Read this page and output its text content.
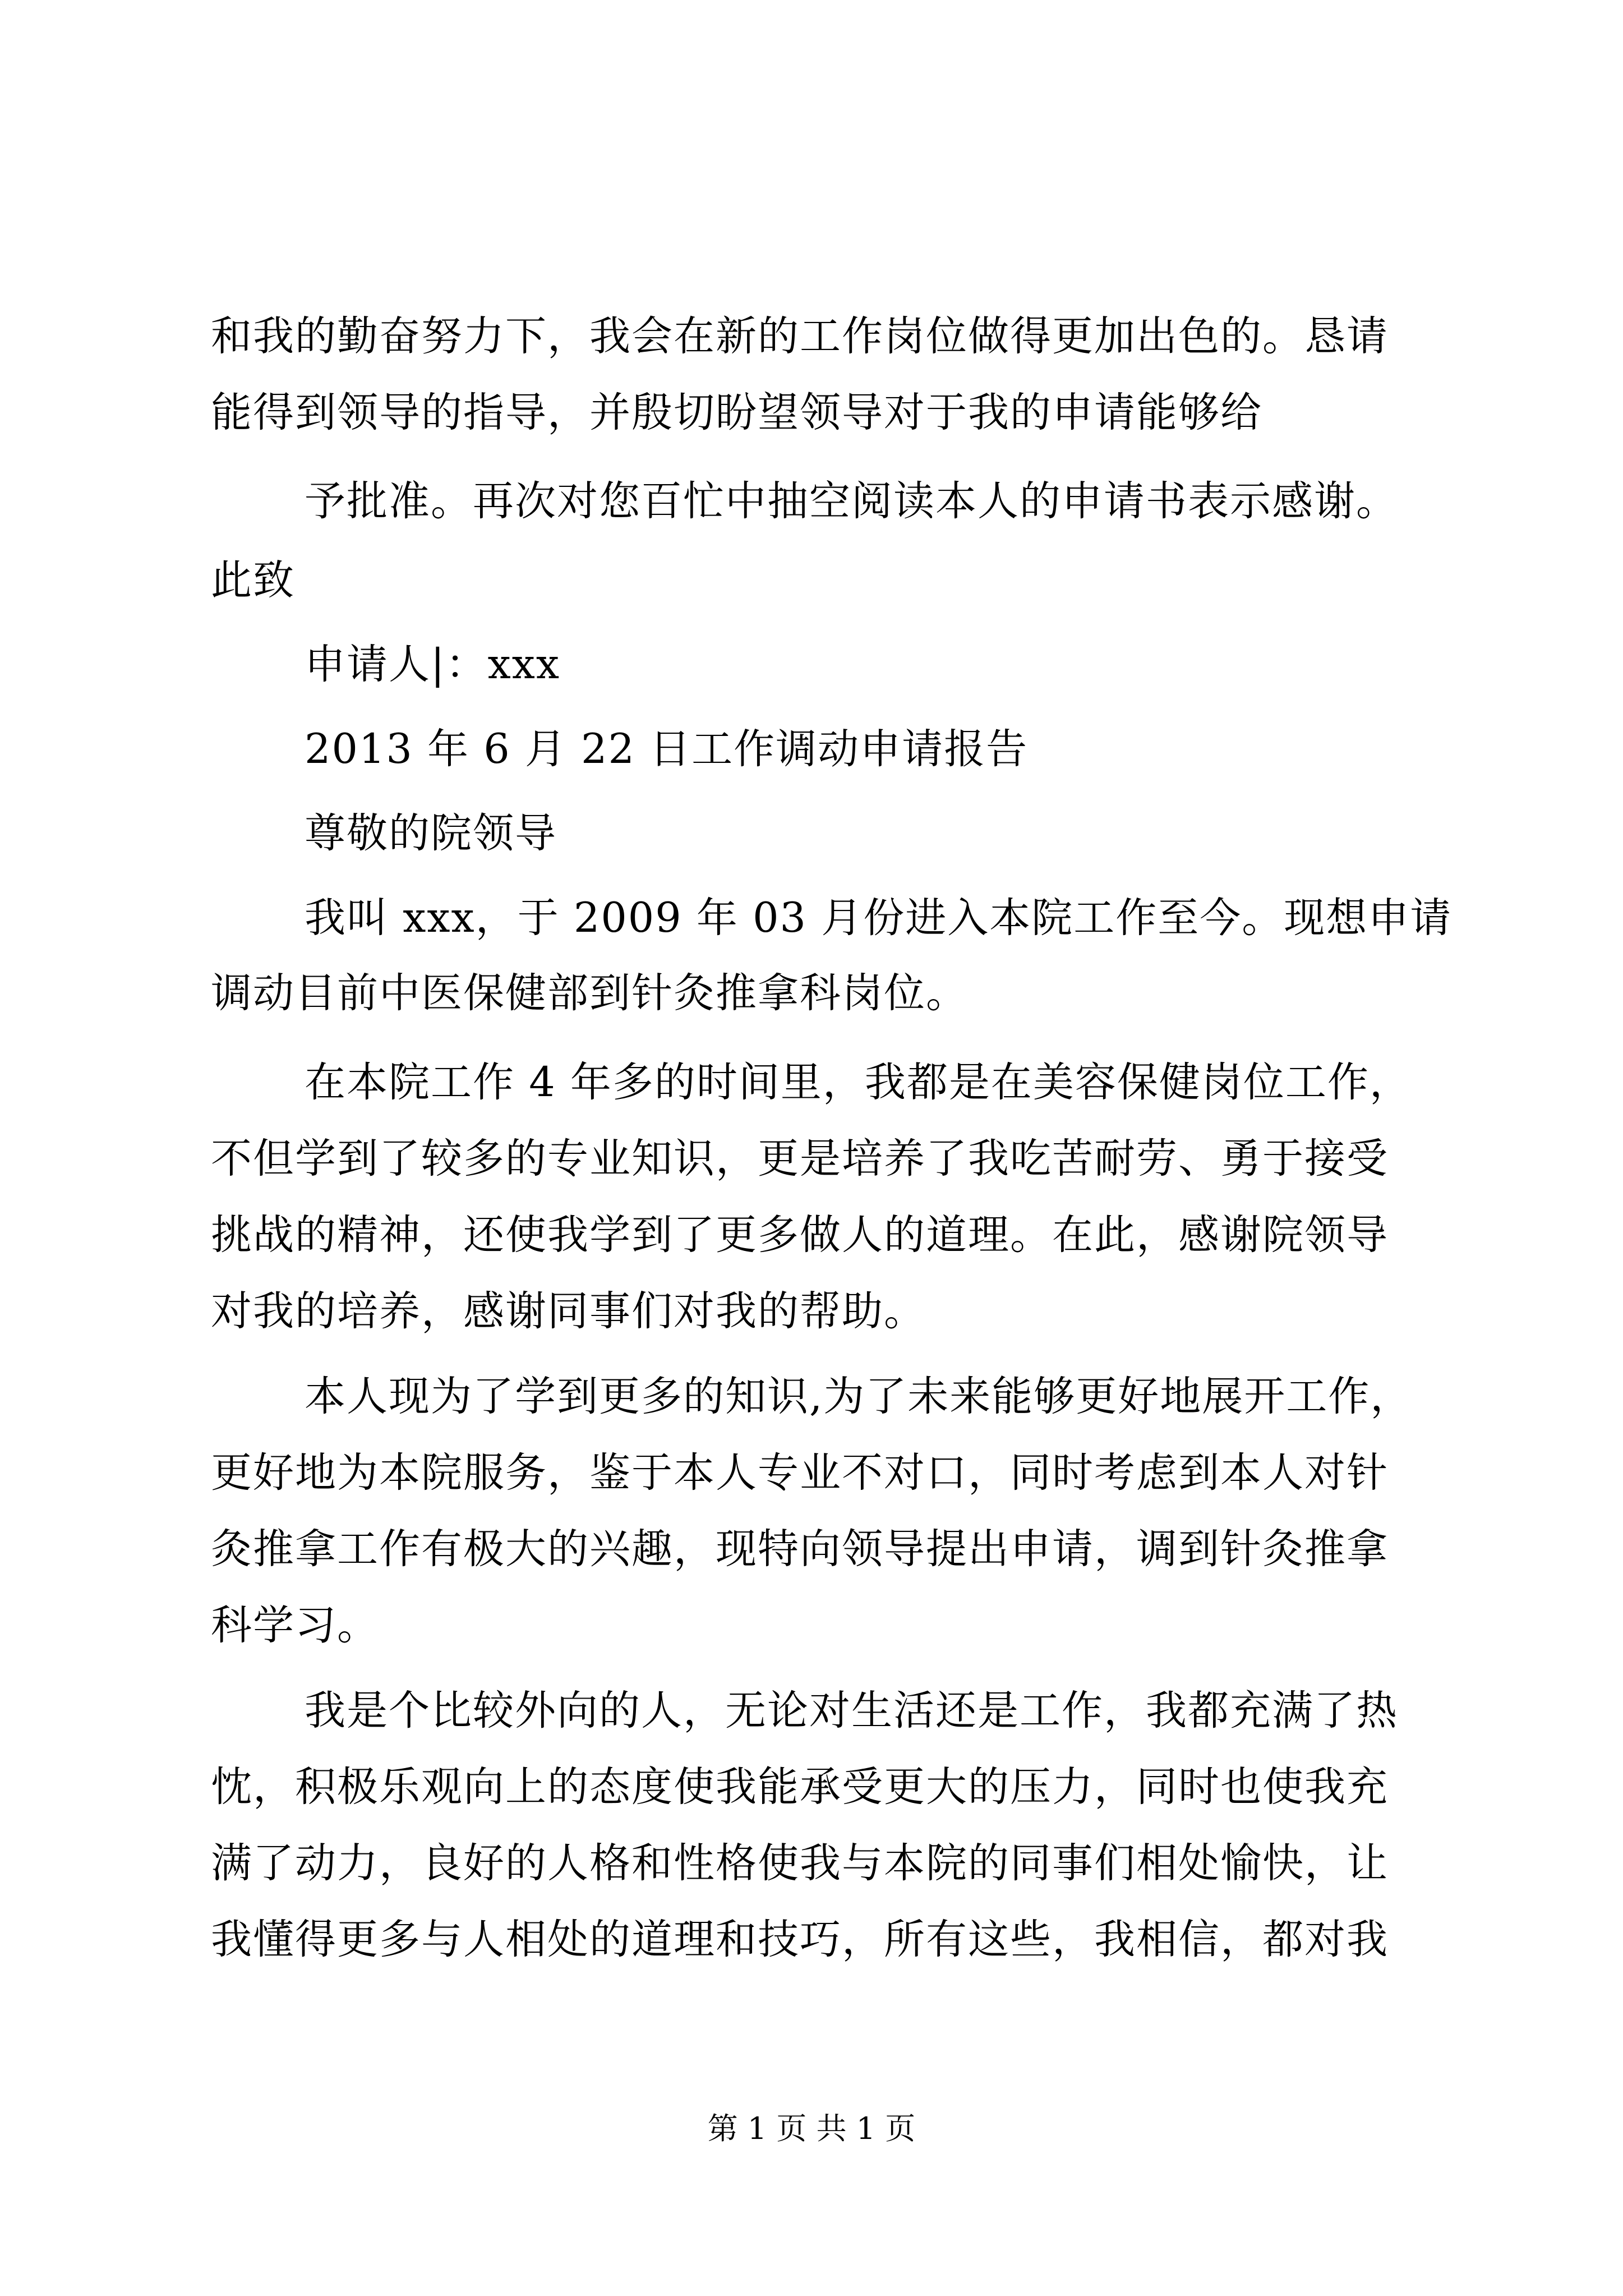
和我的勤奋努力下，我会在新的工作岗位做得更加出色的。恳请
能得到领导的指导，并殷切盼望领导对于我的申请能够给
予批准。再次对您百忙中抽空阅读本人的申请书表示感谢。
此致
申请人|：xxx
2013 年 6 月 22 日工作调动申请报告
尊敬的院领导
我叫 xxx，于 2009 年 03 月份进入本院工作至今。现想申请
调动目前中医保健部到针灸推拿科岗位。
在本院工作 4 年多的时间里，我都是在美容保健岗位工作，
不但学到了较多的专业知识，更是培养了我吃苦耐劳、勇于接受
挑战的精神，还使我学到了更多做人的道理。在此，感谢院领导
对我的培养，感谢同事们对我的帮助。
本人现为了学到更多的知识,为了未来能够更好地展开工作，
更好地为本院服务，鉴于本人专业不对口，同时考虑到本人对针
灸推拿工作有极大的兴趣，现特向领导提出申请，调到针灸推拿
科学习。
我是个比较外向的人，无论对生活还是工作，我都充满了热
忱，积极乐观向上的态度使我能承受更大的压力，同时也使我充
满了动力，良好的人格和性格使我与本院的同事们相处愉快，让
我懂得更多与人相处的道理和技巧，所有这些，我相信，都对我
第 1 页 共 1 页
